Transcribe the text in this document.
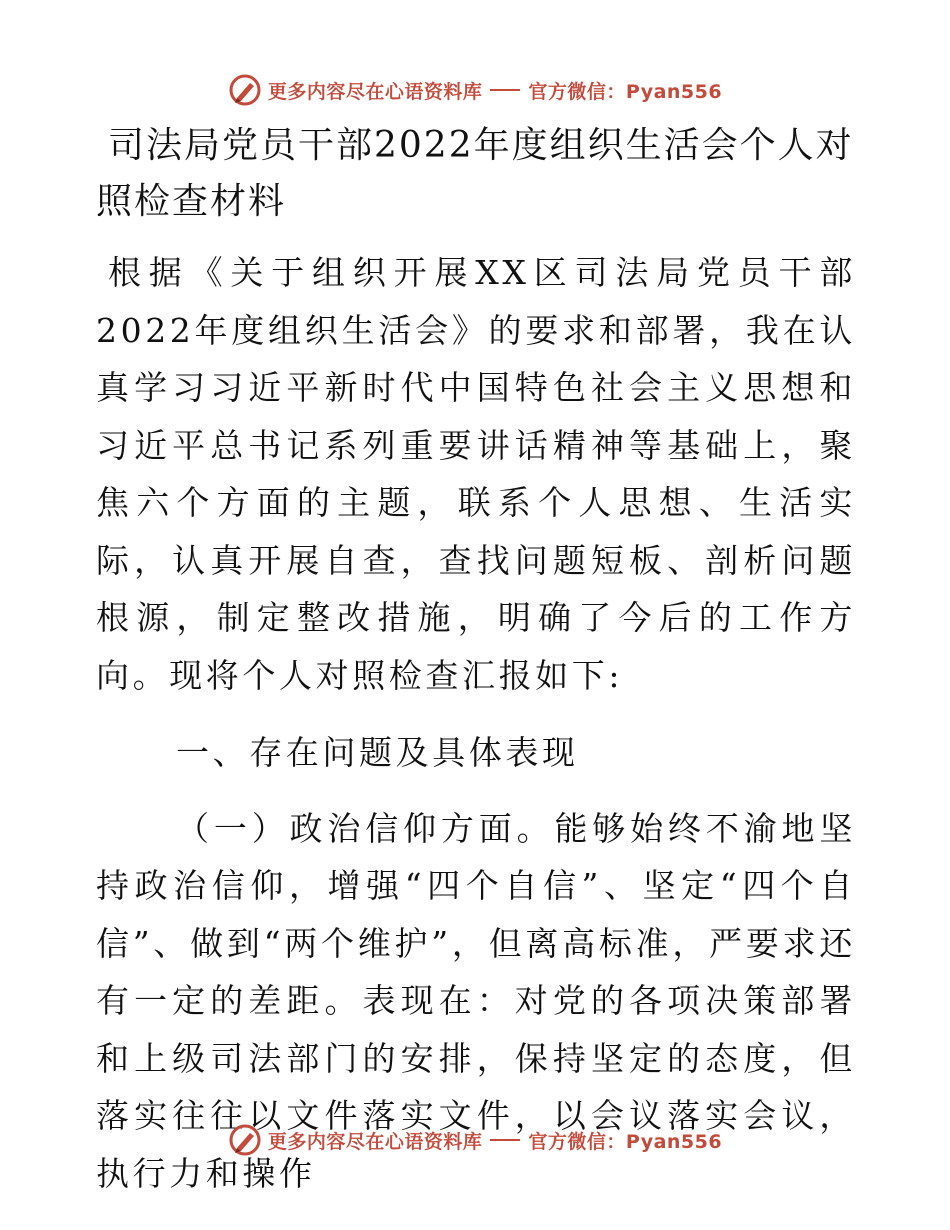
更多内容尽在心语资料库 官方微信：Pyan556
司法局党员干部2022年度组织生活会个人对照检查材料

根据《关于组织开展XX区司法局党员干部2022年度组织生活会》的要求和部署，我在认真学习习近平新时代中国特色社会主义思想和习近平总书记系列重要讲话精神等基础上，聚焦六个方面的主题，联系个人思想、生活实际，认真开展自查，查找问题短板、剖析问题根源，制定整改措施，明确了今后的工作方向。现将个人对照检查汇报如下:

一、存在问题及具体表现

（一）政治信仰方面。能够始终不渝地坚持政治信仰，增强“四个自信”、坚定“四个自信”、做到“两个维护”，但离高标准，严要求还有一定的差距。表现在：对党的各项决策部署和上级司法部门的安排，保持坚定的态度，但落实往往以文件落实文件，以会议落实会议，执行力和操作

更多内容尽在心语资料库 官方微信：Pyan556
